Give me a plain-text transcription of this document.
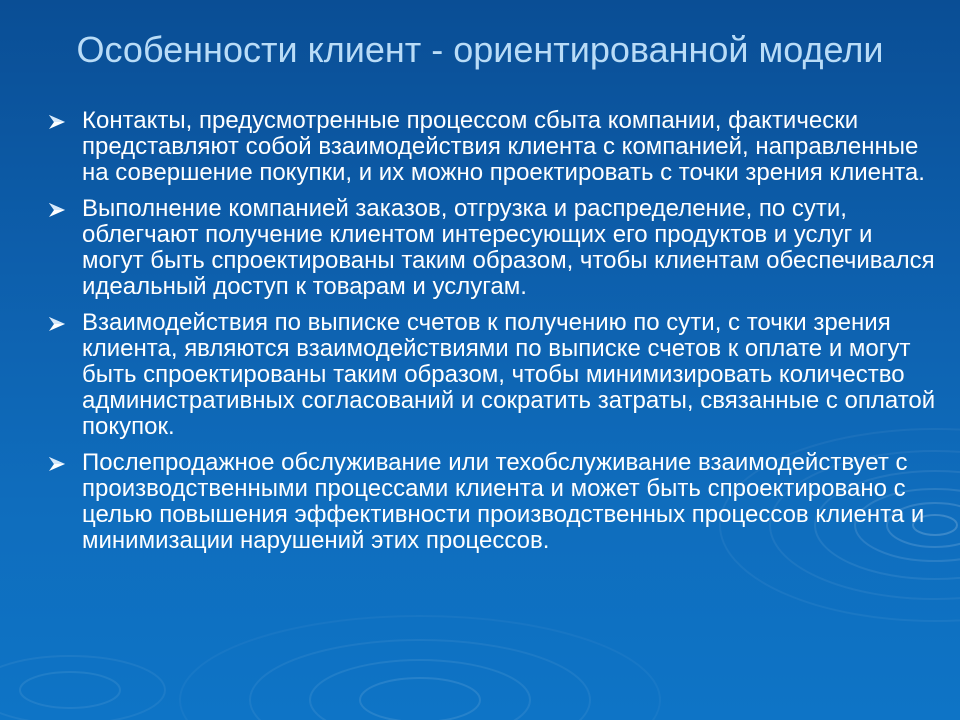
Особенности клиент - ориентированной модели
Контакты, предусмотренные процессом сбыта компании, фактически представляют собой взаимодействия клиента с компанией, направленные на совершение покупки, и их можно проектировать с точки зрения клиента.
Выполнение компанией заказов, отгрузка и распределение, по сути, облегчают получение клиентом интересующих его продуктов и услуг и могут быть спроектированы таким образом, чтобы клиентам обеспечивался идеальный доступ к товарам и услугам.
Взаимодействия по выписке счетов к получению по сути, с точки зрения клиента, являются взаимодействиями по выписке счетов к оплате и могут быть спроектированы таким образом, чтобы минимизировать количество административных согласований и сократить затраты, связанные с оплатой покупок.
Послепродажное обслуживание или техобслуживание взаимодействует с производственными процессами клиента и может быть спроектировано с целью повышения эффективности производственных процессов клиента и минимизации нарушений этих процессов.
